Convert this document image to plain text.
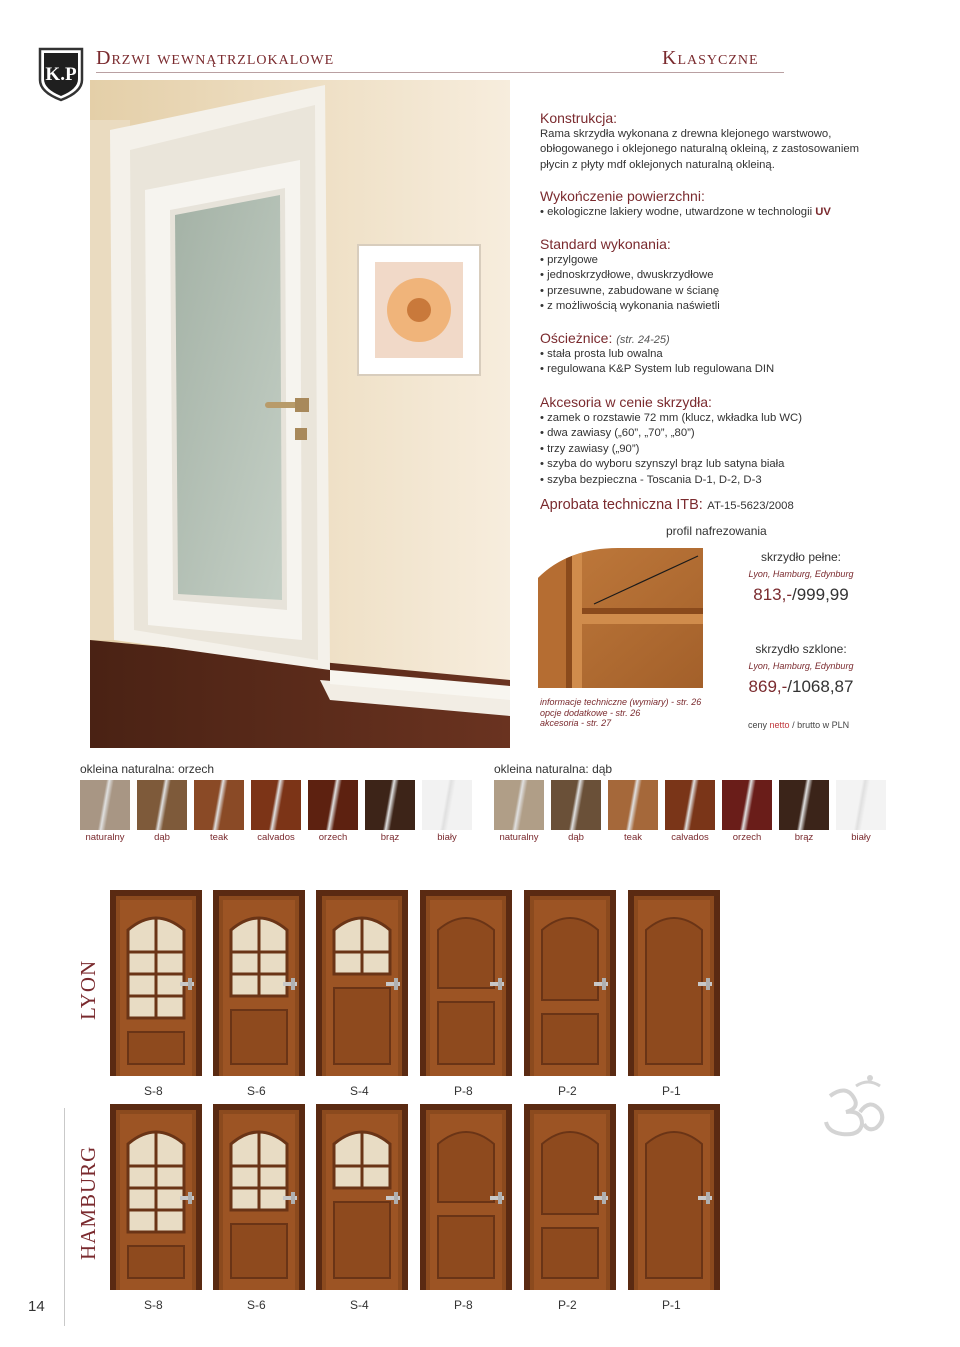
K.P
Drzwi wewnątrzlokalowe	Klasyczne
Konstrukcja:
Rama skrzydła wykonana z drewna klejonego warstwowo,
obłogowanego i oklejonego naturalną okleiną, z zastosowaniem
płycin z płyty mdf oklejonych naturalną okleiną.
Wykończenie powierzchni:
• ekologiczne lakiery wodne, utwardzone w technologii UV
Standard wykonania:
• przylgowe
• jednoskrzydłowe, dwuskrzydłowe
• przesuwne, zabudowane w ścianę
• z możliwością wykonania naświetli
Ościeżnice: (str. 24-25)
• stała prosta lub owalna
• regulowana K&P System lub regulowana DIN
Akcesoria w cenie skrzydła:
• zamek o rozstawie 72 mm (klucz, wkładka lub WC)
• dwa zawiasy („60”, „70”, „80”)
• trzy zawiasy („90”)
• szyba do wyboru szynszyl brąz lub satyna biała
• szyba bezpieczna - Toscania D-1, D-2, D-3
Aprobata techniczna ITB: AT-15-5623/2008
profil nafrezowania
informacje techniczne (wymiary) - str. 26
opcje dodatkowe - str. 26
akcesoria - str. 27
skrzydło pełne:
Lyon, Hamburg, Edynburg
813,-/999,99
skrzydło szklone:
Lyon, Hamburg, Edynburg
869,-/1068,87
ceny netto / brutto w PLN
okleina naturalna: orzech
naturalny	dąb	teak	calvados	orzech	brąz	biały
okleina naturalna: dąb
naturalny	dąb	teak	calvados	orzech	brąz	biały
LYON
HAMBURG
S-8	S-6	S-4	P-8	P-2	P-1
S-8	S-6	S-4	P-8	P-2	P-1
14
